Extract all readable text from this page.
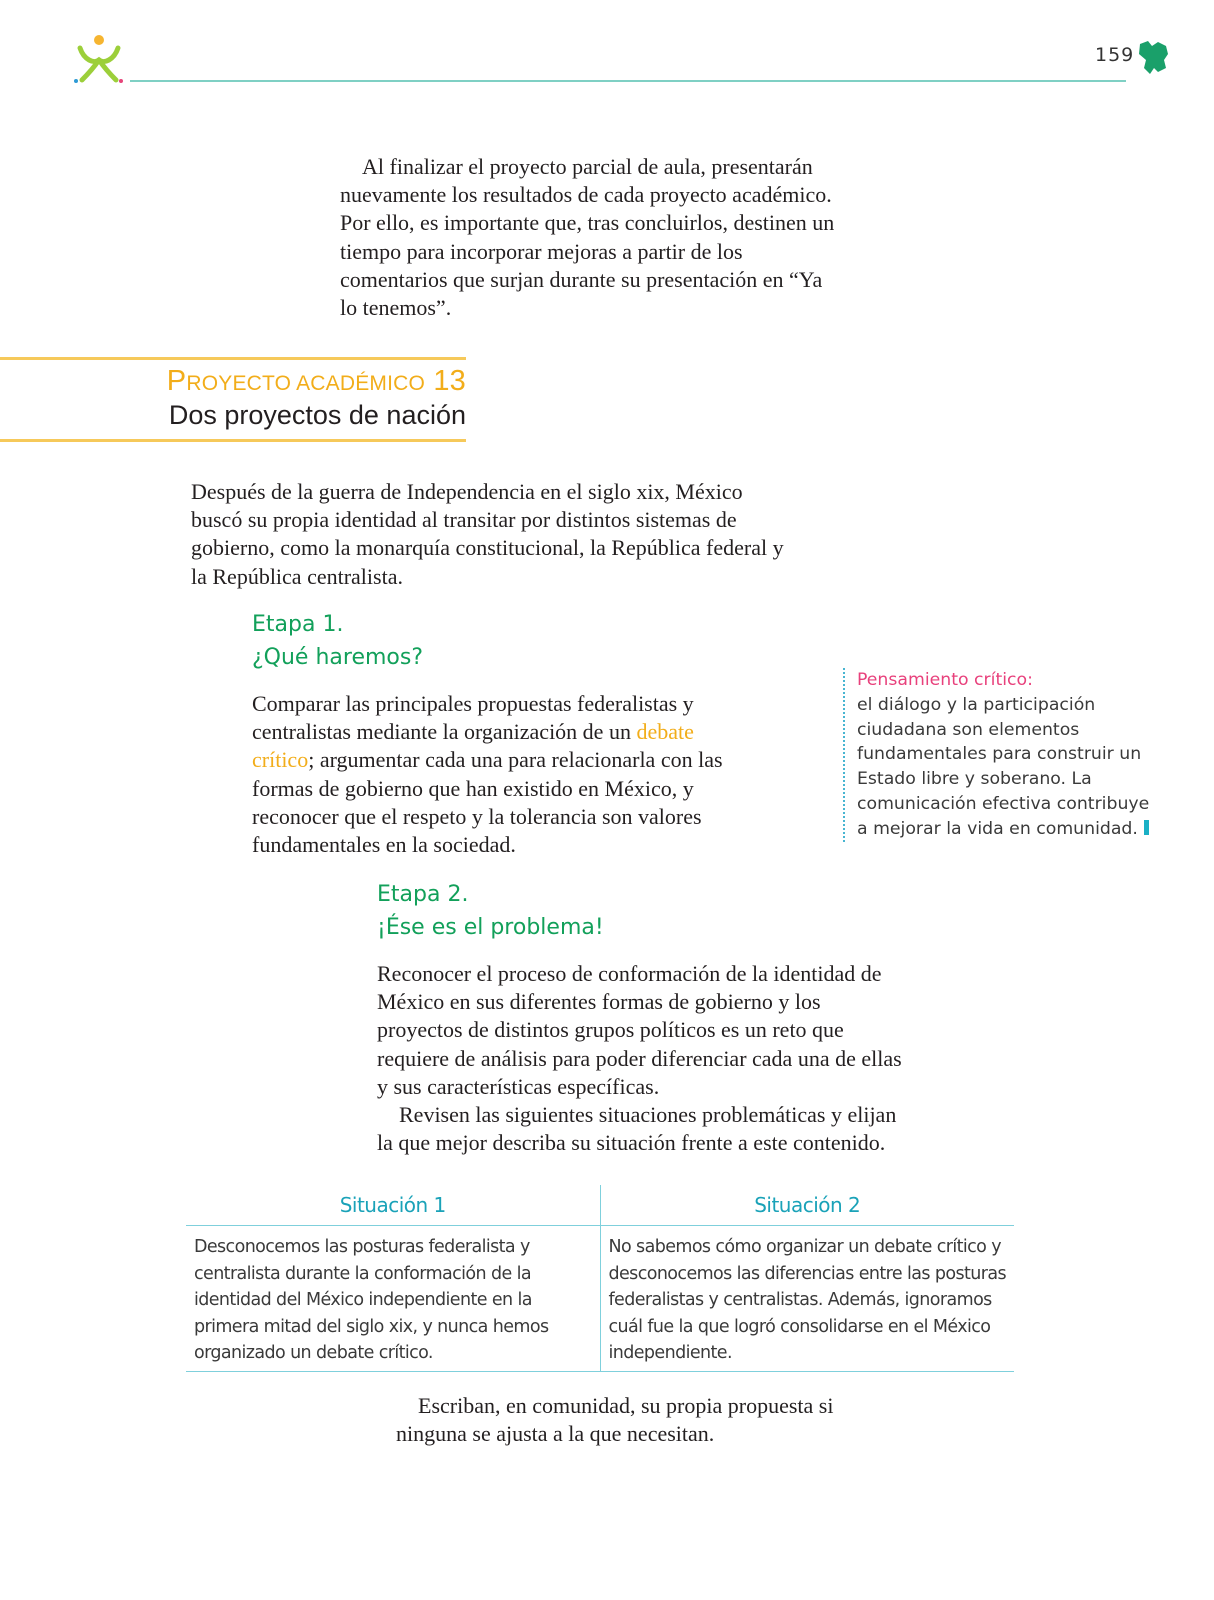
159

Al finalizar el proyecto parcial de aula, presentarán nuevamente los resultados de cada proyecto académico. Por ello, es importante que, tras concluirlos, destinen un tiempo para incorporar mejoras a partir de los comentarios que surjan durante su presentación en “Ya lo tenemos”.

PROYECTO ACADÉMICO 13
Dos proyectos de nación

Después de la guerra de Independencia en el siglo xix, México buscó su propia identidad al transitar por distintos sistemas de gobierno, como la monarquía constitucional, la República federal y la República centralista.

Etapa 1.

¿Qué haremos?

Comparar las principales propuestas federalistas y centralistas mediante la organización de un debate crítico; argumentar cada una para relacionarla con las formas de gobierno que han existido en México, y reconocer que el respeto y la tolerancia son valores fundamentales en la sociedad.

Pensamiento crítico:
el diálogo y la participación ciudadana son elementos fundamentales para construir un Estado libre y soberano. La comunicación efectiva contribuye a mejorar la vida en comunidad.

Etapa 2.

¡Ése es el problema!

Reconocer el proceso de conformación de la identidad de México en sus diferentes formas de gobierno y los proyectos de distintos grupos políticos es un reto que requiere de análisis para poder diferenciar cada una de ellas y sus características específicas.

Revisen las siguientes situaciones problemáticas y elijan la que mejor describa su situación frente a este contenido.

Situación 1	Situación 2
Desconocemos las posturas federalista y centralista durante la conformación de la identidad del México independiente en la primera mitad del siglo xix, y nunca hemos organizado un debate crítico.	No sabemos cómo organizar un debate crítico y desconocemos las diferencias entre las posturas federalistas y centralistas. Además, ignoramos cuál fue la que logró consolidarse en el México independiente.

Escriban, en comunidad, su propia propuesta si ninguna se ajusta a la que necesitan.
